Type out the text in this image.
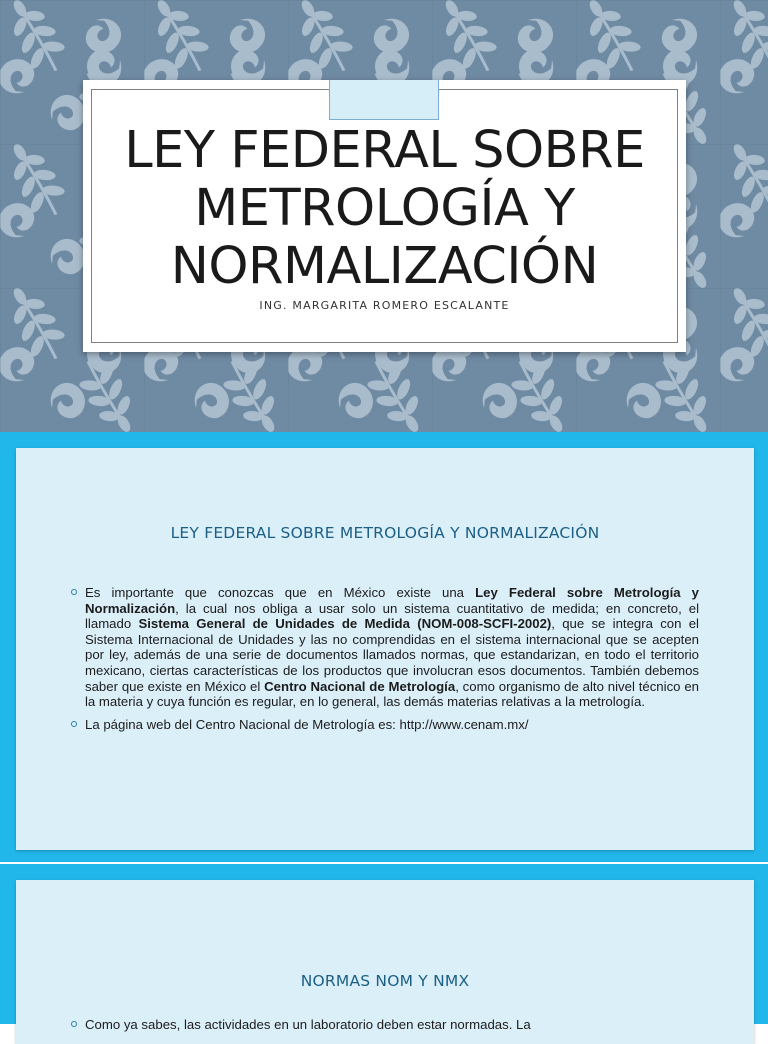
LEY FEDERAL SOBRE
METROLOGÍA Y
NORMALIZACIÓN
ING. MARGARITA ROMERO ESCALANTE
LEY FEDERAL SOBRE METROLOGÍA Y NORMALIZACIÓN
Es importante que conozcas que en México existe una Ley Federal sobre Metrología y Normalización, la cual nos obliga a usar solo un sistema cuantitativo de medida; en concreto, el llamado Sistema General de Unidades de Medida (NOM-008-SCFI-2002), que se integra con el Sistema Internacional de Unidades y las no comprendidas en el sistema internacional que se acepten por ley, además de una serie de documentos llamados normas, que estandarizan, en todo el territorio mexicano, ciertas características de los productos que involucran esos documentos. También debemos saber que existe en México el Centro Nacional de Metrología, como organismo de alto nivel técnico en la materia y cuya función es regular, en lo general, las demás materias relativas a la metrología.
La página web del Centro Nacional de Metrología es: http://www.cenam.mx/
NORMAS NOM Y NMX
Como ya sabes, las actividades en un laboratorio deben estar normadas. La
